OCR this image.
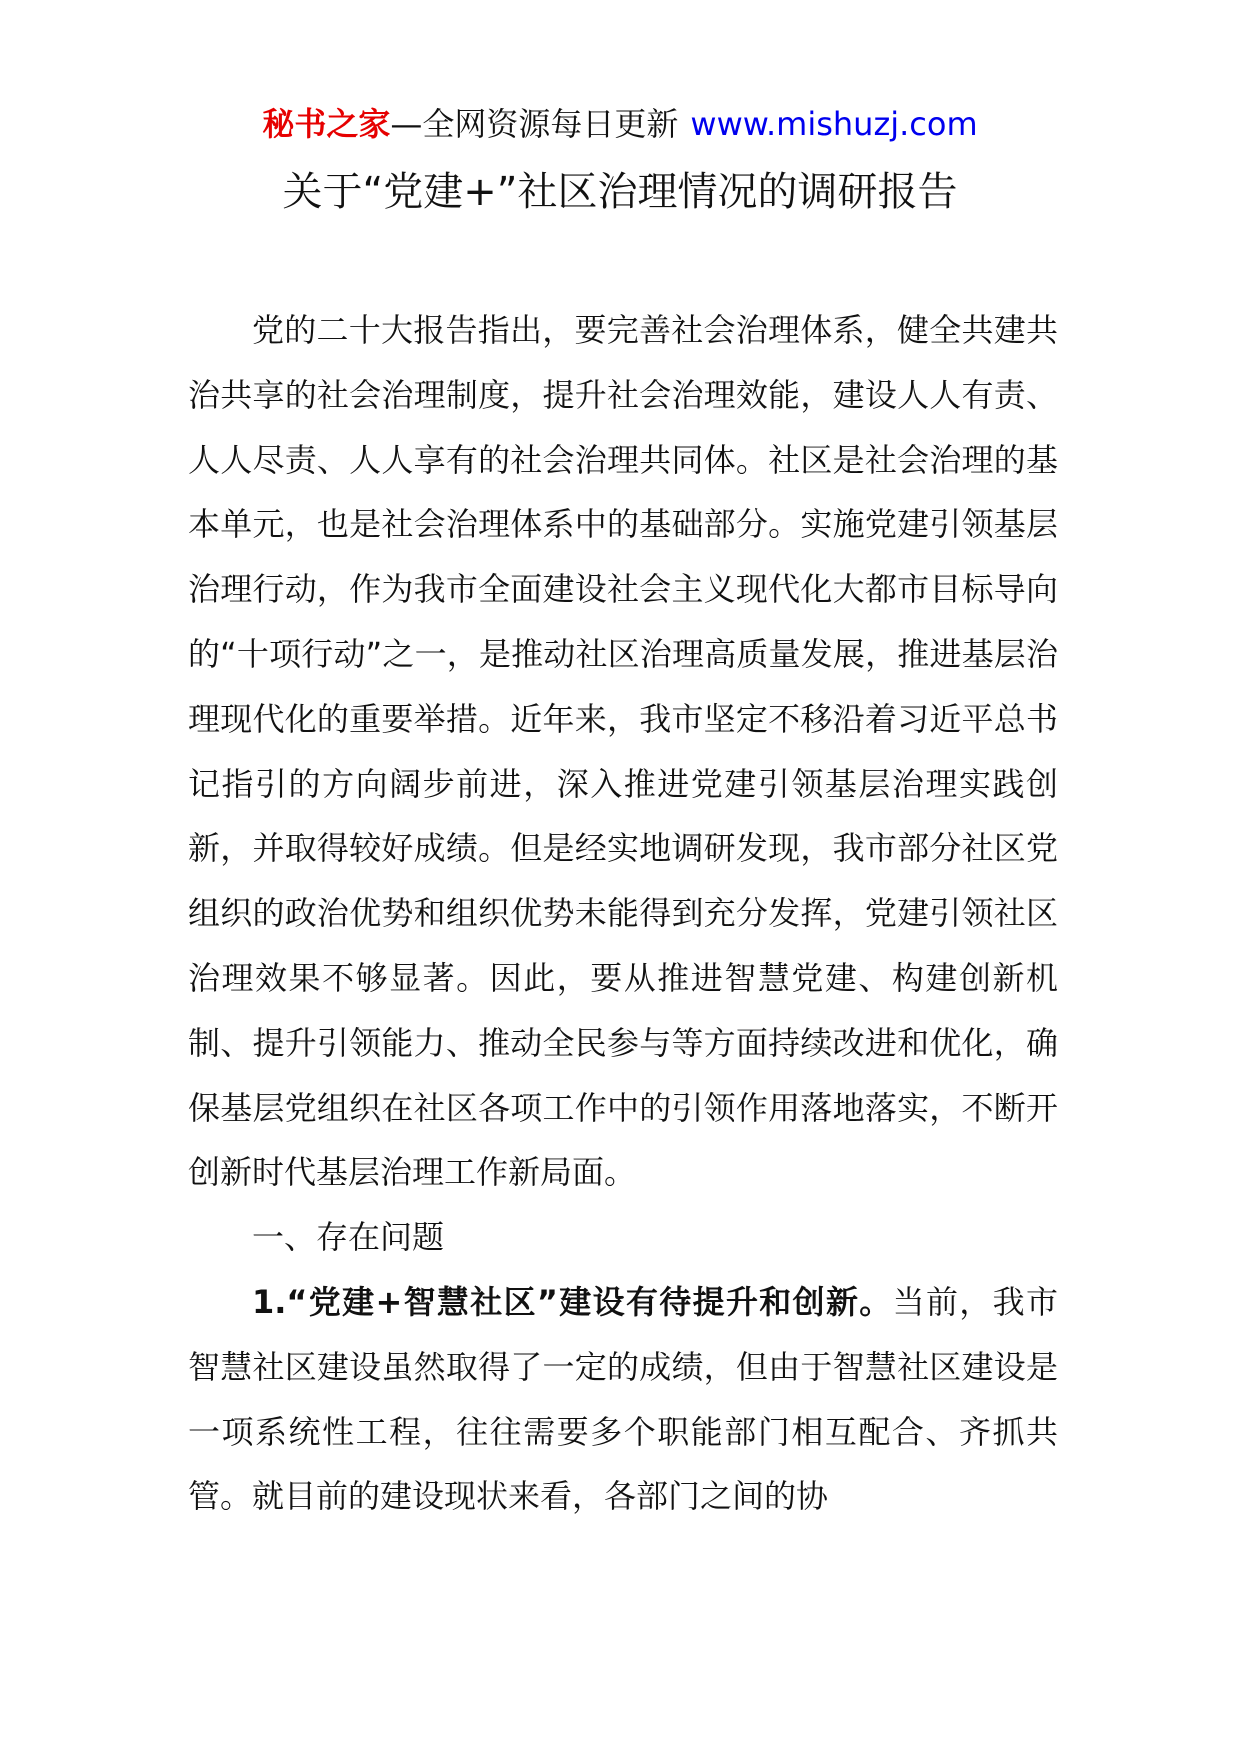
秘书之家—全网资源每日更新 www.mishuzj.com
关于“党建+”社区治理情况的调研报告

党的二十大报告指出，要完善社会治理体系，健全共建共治共享的社会治理制度，提升社会治理效能，建设人人有责、人人尽责、人人享有的社会治理共同体。社区是社会治理的基本单元，也是社会治理体系中的基础部分。实施党建引领基层治理行动，作为我市全面建设社会主义现代化大都市目标导向的“十项行动”之一，是推动社区治理高质量发展，推进基层治理现代化的重要举措。近年来，我市坚定不移沿着习近平总书记指引的方向阔步前进，深入推进党建引领基层治理实践创新，并取得较好成绩。但是经实地调研发现，我市部分社区党组织的政治优势和组织优势未能得到充分发挥，党建引领社区治理效果不够显著。因此，要从推进智慧党建、构建创新机制、提升引领能力、推动全民参与等方面持续改进和优化，确保基层党组织在社区各项工作中的引领作用落地落实，不断开创新时代基层治理工作新局面。

一、存在问题

1.“党建+智慧社区”建设有待提升和创新。当前，我市智慧社区建设虽然取得了一定的成绩，但由于智慧社区建设是一项系统性工程，往往需要多个职能部门相互配合、齐抓共管。就目前的建设现状来看，各部门之间的协
